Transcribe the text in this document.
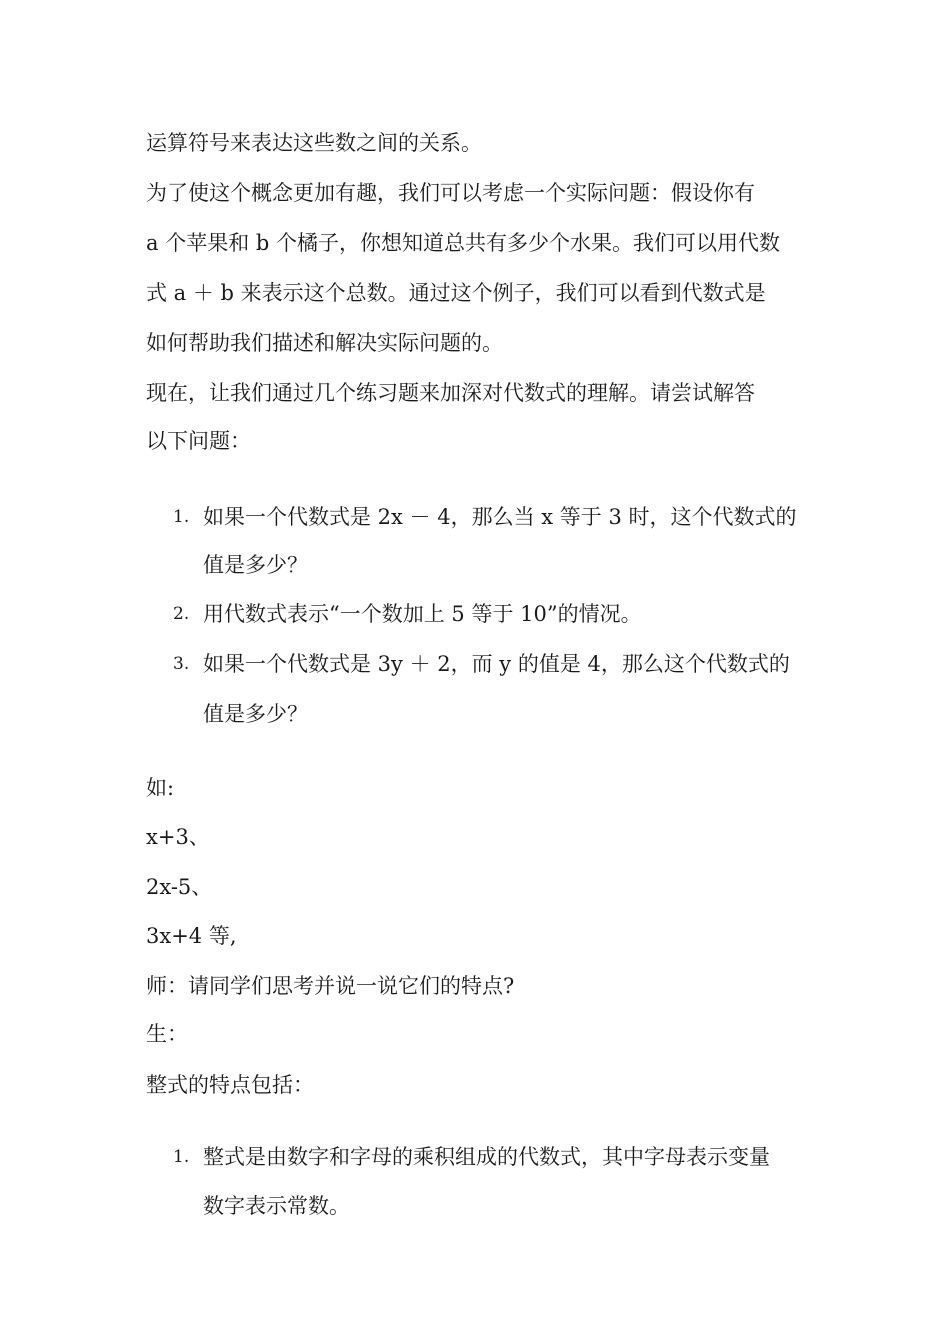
运算符号来表达这些数之间的关系。
为了使这个概念更加有趣，我们可以考虑一个实际问题：假设你有
a 个苹果和 b 个橘子，你想知道总共有多少个水果。我们可以用代数
式 a ＋ b 来表示这个总数。通过这个例子，我们可以看到代数式是
如何帮助我们描述和解决实际问题的。
现在，让我们通过几个练习题来加深对代数式的理解。请尝试解答
以下问题：
1. 如果一个代数式是 2x － 4，那么当 x 等于 3 时，这个代数式的
值是多少？
2. 用代数式表示“一个数加上 5 等于 10”的情况。
3. 如果一个代数式是 3y ＋ 2，而 y 的值是 4，那么这个代数式的
值是多少？
如:
x+3、
2x-5、
3x+4 等,
师：请同学们思考并说一说它们的特点?
生：
整式的特点包括：
1. 整式是由数字和字母的乘积组成的代数式，其中字母表示变量
数字表示常数。
